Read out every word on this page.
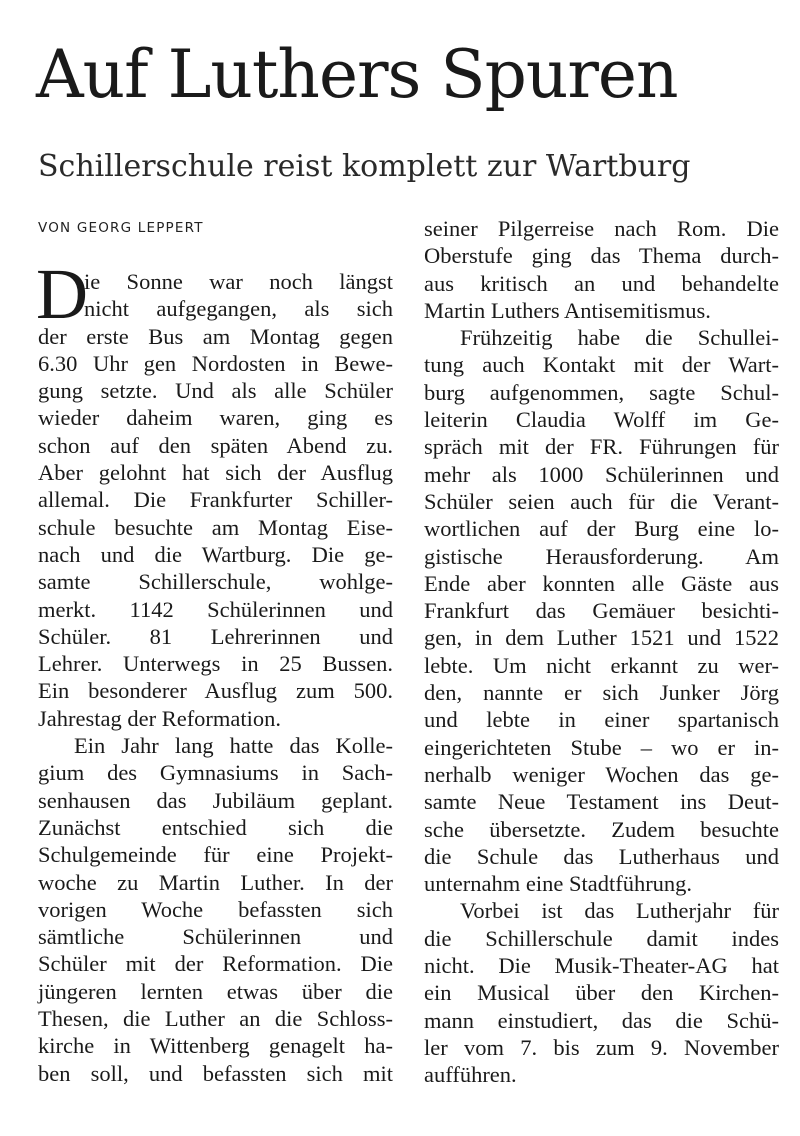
Auf Luthers Spuren
Schillerschule reist komplett zur Wartburg
VON GEORG LEPPERT
D
ie Sonne war noch längst
nicht aufgegangen, als sich
der erste Bus am Montag gegen
6.30 Uhr gen Nordosten in Bewe-
gung setzte. Und als alle Schüler
wieder daheim waren, ging es
schon auf den späten Abend zu.
Aber gelohnt hat sich der Ausflug
allemal. Die Frankfurter Schiller-
schule besuchte am Montag Eise-
nach und die Wartburg. Die ge-
samte Schillerschule, wohlge-
merkt. 1142 Schülerinnen und
Schüler. 81 Lehrerinnen und
Lehrer. Unterwegs in 25 Bussen.
Ein besonderer Ausflug zum 500.
Jahrestag der Reformation.
Ein Jahr lang hatte das Kolle-
gium des Gymnasiums in Sach-
senhausen das Jubiläum geplant.
Zunächst entschied sich die
Schulgemeinde für eine Projekt-
woche zu Martin Luther. In der
vorigen Woche befassten sich
sämtliche Schülerinnen und
Schüler mit der Reformation. Die
jüngeren lernten etwas über die
Thesen, die Luther an die Schloss-
kirche in Wittenberg genagelt ha-
ben soll, und befassten sich mit
seiner Pilgerreise nach Rom. Die
Oberstufe ging das Thema durch-
aus kritisch an und behandelte
Martin Luthers Antisemitismus.
Frühzeitig habe die Schullei-
tung auch Kontakt mit der Wart-
burg aufgenommen, sagte Schul-
leiterin Claudia Wolff im Ge-
spräch mit der FR. Führungen für
mehr als 1000 Schülerinnen und
Schüler seien auch für die Verant-
wortlichen auf der Burg eine lo-
gistische Herausforderung. Am
Ende aber konnten alle Gäste aus
Frankfurt das Gemäuer besichti-
gen, in dem Luther 1521 und 1522
lebte. Um nicht erkannt zu wer-
den, nannte er sich Junker Jörg
und lebte in einer spartanisch
eingerichteten Stube – wo er in-
nerhalb weniger Wochen das ge-
samte Neue Testament ins Deut-
sche übersetzte. Zudem besuchte
die Schule das Lutherhaus und
unternahm eine Stadtführung.
Vorbei ist das Lutherjahr für
die Schillerschule damit indes
nicht. Die Musik-Theater-AG hat
ein Musical über den Kirchen-
mann einstudiert, das die Schü-
ler vom 7. bis zum 9. November
aufführen.
